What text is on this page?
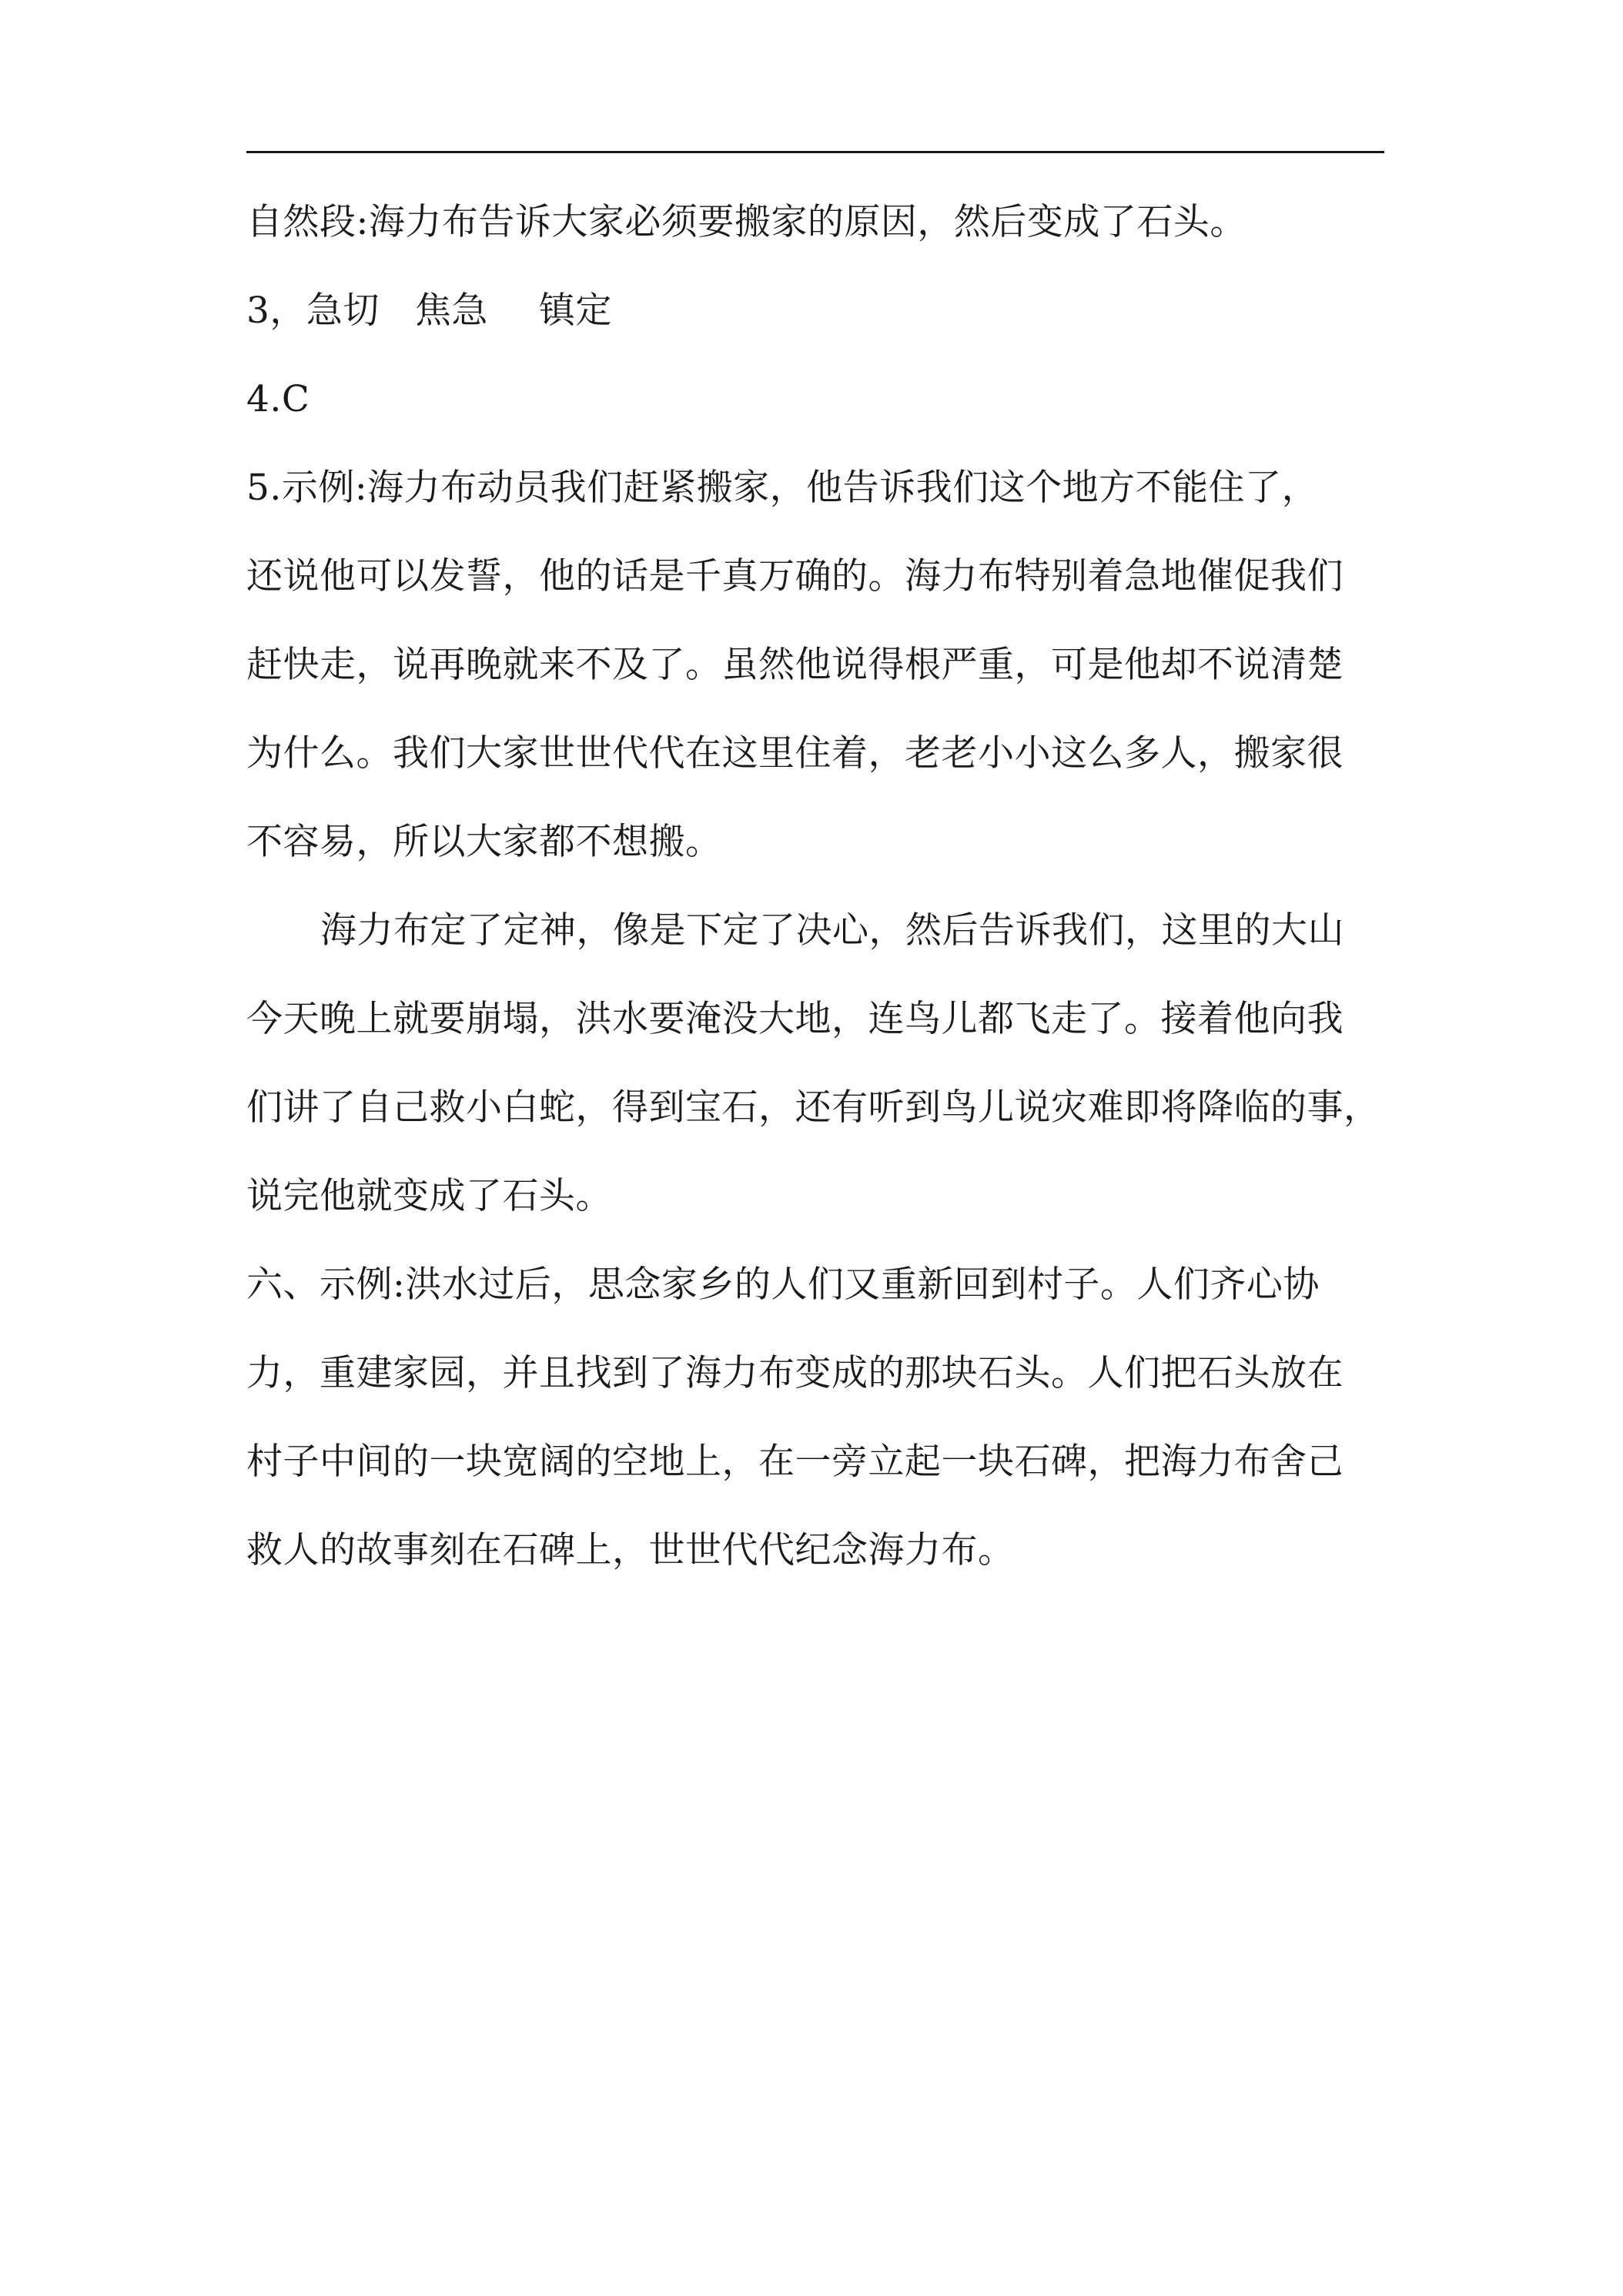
自然段:海力布告诉大家必须要搬家的原因，然后变成了石头。
3，急切 焦急 镇定
4.C
5.示例:海力布动员我们赶紧搬家，他告诉我们这个地方不能住了，
还说他可以发誓，他的话是千真万确的。海力布特别着急地催促我们
赶快走，说再晚就来不及了。虽然他说得根严重，可是他却不说清楚
为什么。我们大家世世代代在这里住着，老老小小这么多人，搬家很
不容易，所以大家都不想搬。
海力布定了定神，像是下定了决心，然后告诉我们，这里的大山
今天晚上就要崩塌，洪水要淹没大地，连鸟儿都飞走了。接着他向我
们讲了自己救小白蛇，得到宝石，还有听到鸟儿说灾难即将降临的事，
说完他就变成了石头。
六、示例:洪水过后，思念家乡的人们又重新回到村子。人们齐心协
力，重建家园，并且找到了海力布变成的那块石头。人们把石头放在
村子中间的一块宽阔的空地上，在一旁立起一块石碑，把海力布舍己
救人的故事刻在石碑上，世世代代纪念海力布。
